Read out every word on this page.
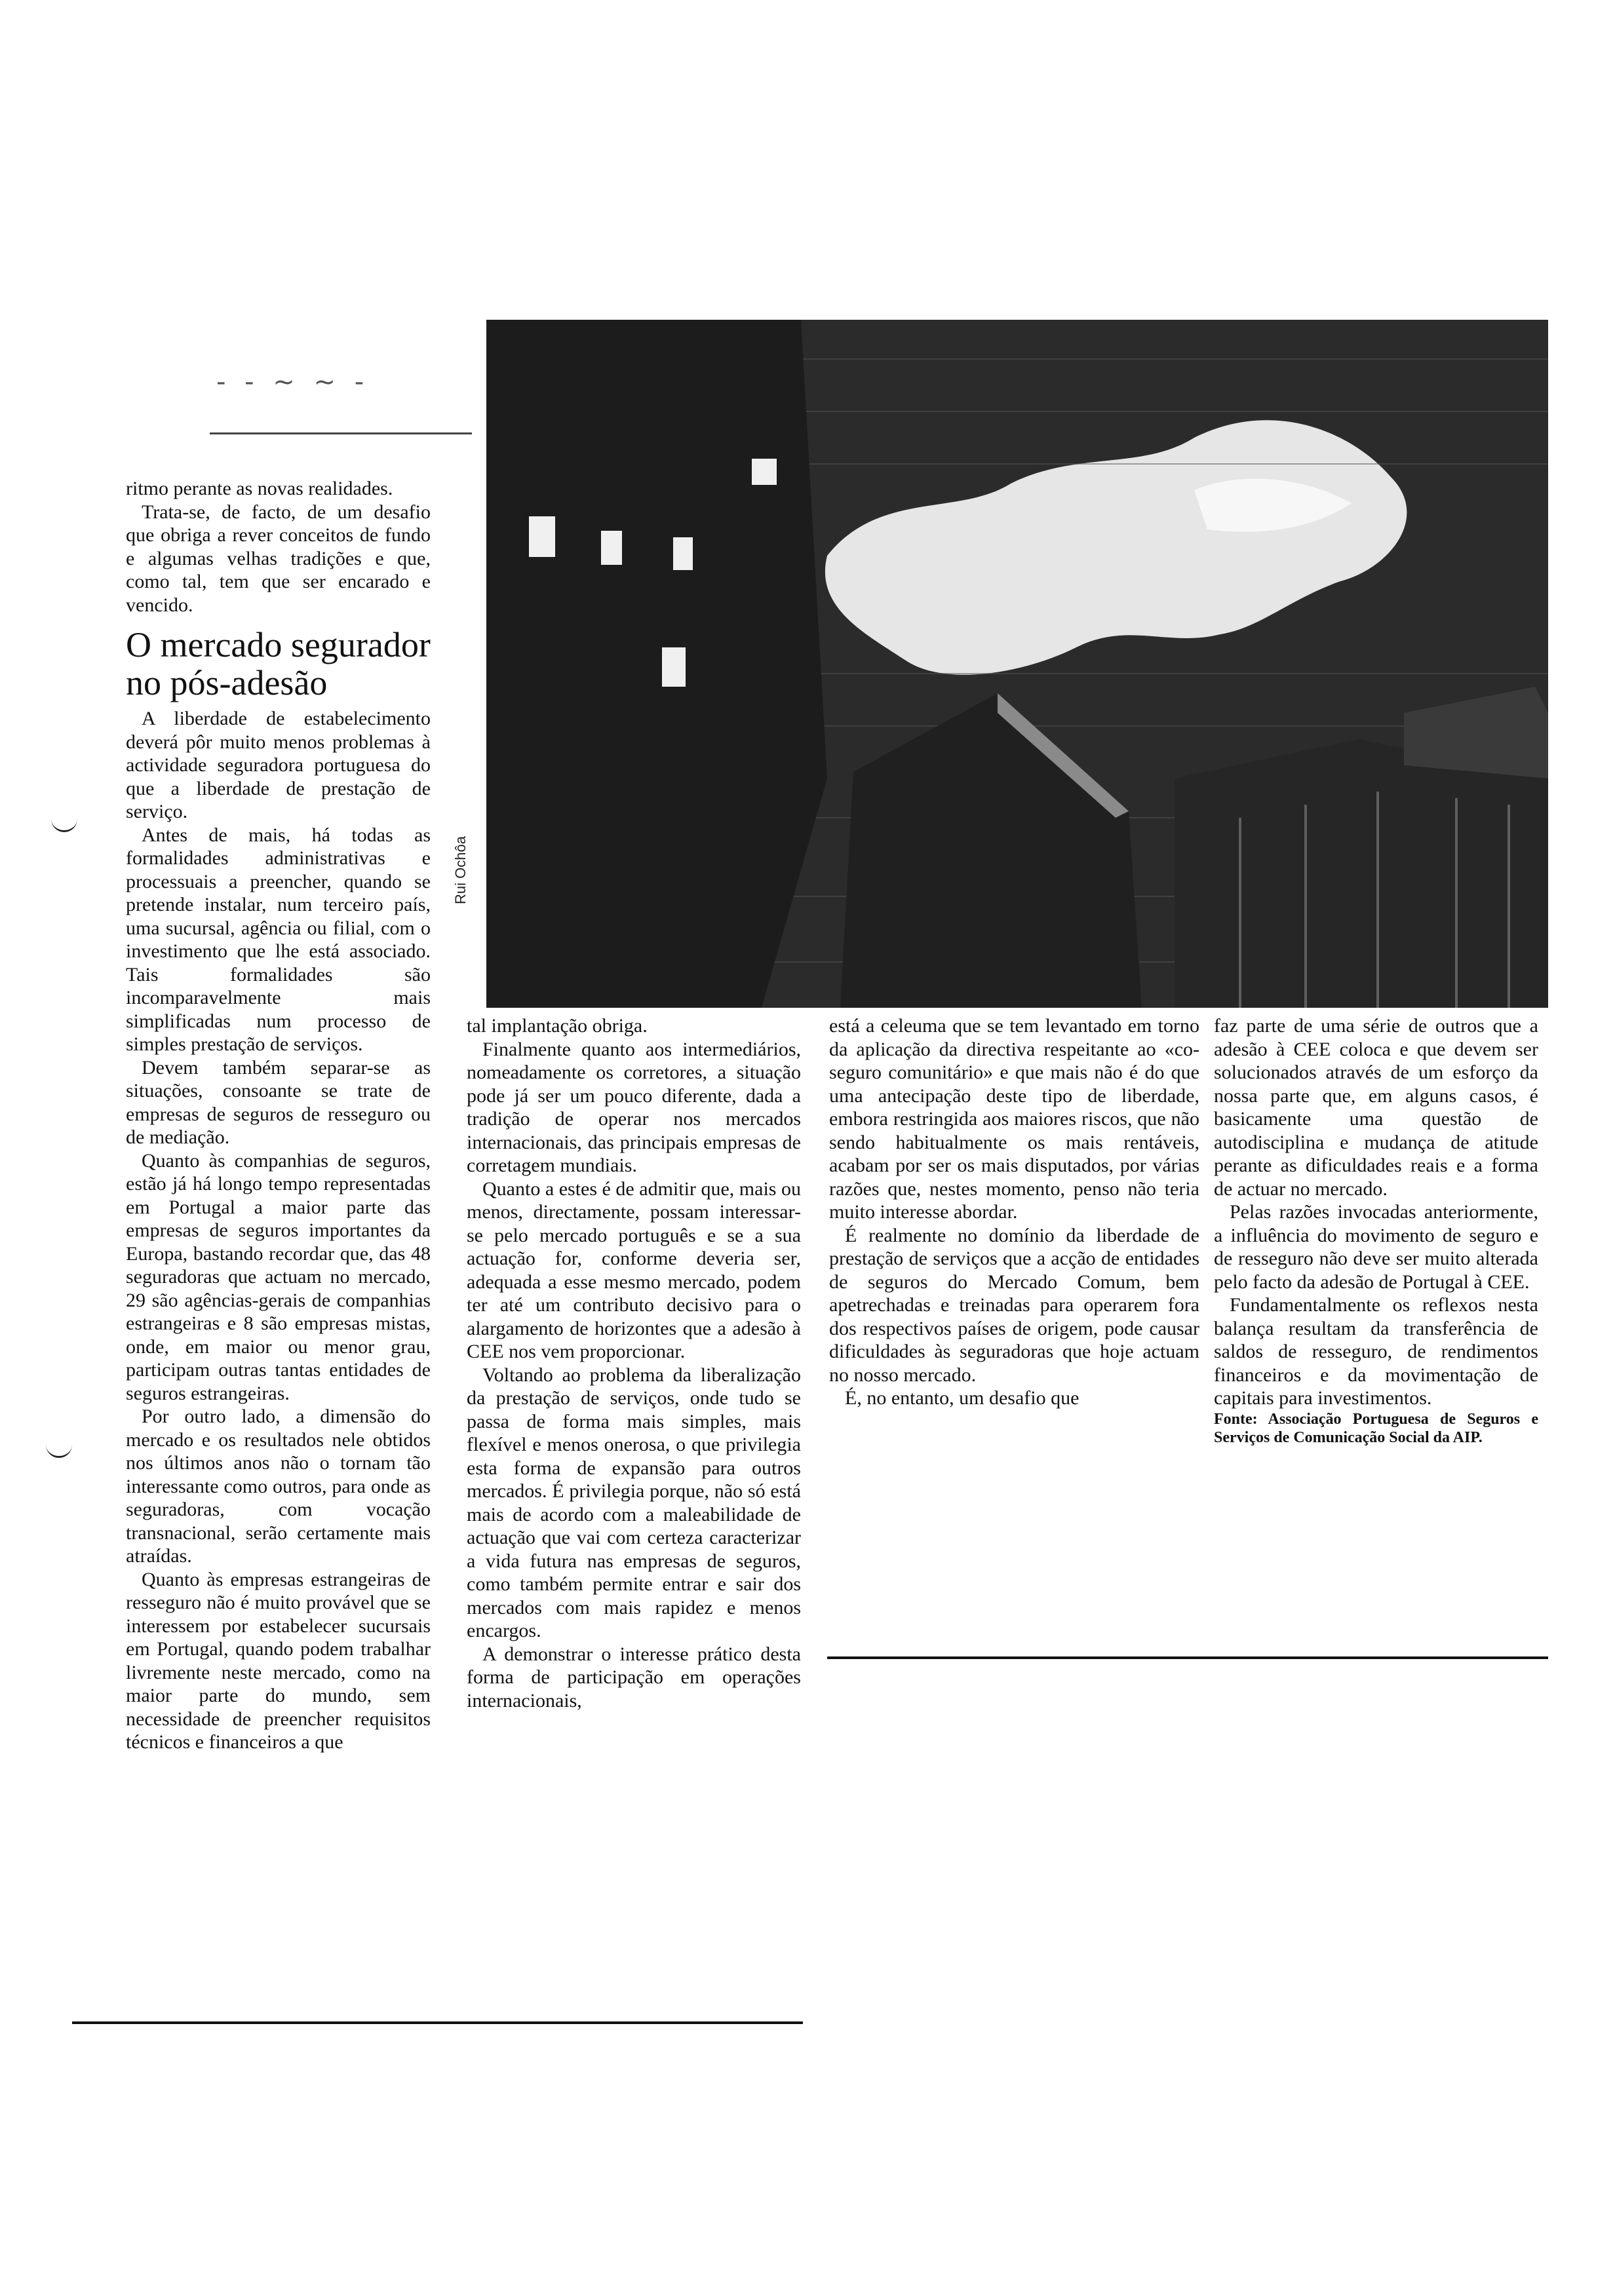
- - ~ ~ -
Rui Ochôa

ritmo perante as novas realidades.

Trata-se, de facto, de um desafio que obriga a rever conceitos de fundo e algumas velhas tradições e que, como tal, tem que ser encarado e vencido.

O mercado segurador no pós-adesão

A liberdade de estabelecimento deverá pôr muito menos problemas à actividade seguradora portuguesa do que a liberdade de prestação de serviço.

Antes de mais, há todas as formalidades administrativas e processuais a preencher, quando se pretende instalar, num terceiro país, uma sucursal, agência ou filial, com o investimento que lhe está associado. Tais formalidades são incomparavelmente mais simplificadas num processo de simples prestação de serviços.

Devem também separar-se as situações, consoante se trate de empresas de seguros de resseguro ou de mediação.

Quanto às companhias de seguros, estão já há longo tempo representadas em Portugal a maior parte das empresas de seguros importantes da Europa, bastando recordar que, das 48 seguradoras que actuam no mercado, 29 são agências-gerais de companhias estrangeiras e 8 são empresas mistas, onde, em maior ou menor grau, participam outras tantas entidades de seguros estrangeiras.

Por outro lado, a dimensão do mercado e os resultados nele obtidos nos últimos anos não o tornam tão interessante como outros, para onde as seguradoras, com vocação transnacional, serão certamente mais atraídas.

Quanto às empresas estrangeiras de resseguro não é muito provável que se interessem por estabelecer sucursais em Portugal, quando podem trabalhar livremente neste mercado, como na maior parte do mundo, sem necessidade de preencher requisitos técnicos e financeiros a que

tal implantação obriga.

Finalmente quanto aos intermediários, nomeadamente os corretores, a situação pode já ser um pouco diferente, dada a tradição de operar nos mercados internacionais, das principais empresas de corretagem mundiais.

Quanto a estes é de admitir que, mais ou menos, directamente, possam interessar-se pelo mercado português e se a sua actuação for, conforme deveria ser, adequada a esse mesmo mercado, podem ter até um contributo decisivo para o alargamento de horizontes que a adesão à CEE nos vem proporcionar.

Voltando ao problema da liberalização da prestação de serviços, onde tudo se passa de forma mais simples, mais flexível e menos onerosa, o que privilegia esta forma de expansão para outros mercados. É privilegia porque, não só está mais de acordo com a maleabilidade de actuação que vai com certeza caracterizar a vida futura nas empresas de seguros, como também permite entrar e sair dos mercados com mais rapidez e menos encargos.

A demonstrar o interesse prático desta forma de participação em operações internacionais,

está a celeuma que se tem levantado em torno da aplicação da directiva respeitante ao «co-seguro comunitário» e que mais não é do que uma antecipação deste tipo de liberdade, embora restringida aos maiores riscos, que não sendo habitualmente os mais rentáveis, acabam por ser os mais disputados, por várias razões que, nestes momento, penso não teria muito interesse abordar.

É realmente no domínio da liberdade de prestação de serviços que a acção de entidades de seguros do Mercado Comum, bem apetrechadas e treinadas para operarem fora dos respectivos países de origem, pode causar dificuldades às seguradoras que hoje actuam no nosso mercado.

É, no entanto, um desafio que

faz parte de uma série de outros que a adesão à CEE coloca e que devem ser solucionados através de um esforço da nossa parte que, em alguns casos, é basicamente uma questão de autodisciplina e mudança de atitude perante as dificuldades reais e a forma de actuar no mercado.

Pelas razões invocadas anteriormente, a influência do movimento de seguro e de resseguro não deve ser muito alterada pelo facto da adesão de Portugal à CEE.

Fundamentalmente os reflexos nesta balança resultam da transferência de saldos de resseguro, de rendimentos financeiros e da movimentação de capitais para investimentos.

Fonte: Associação Portuguesa de Seguros e Serviços de Comunicação Social da AIP.
